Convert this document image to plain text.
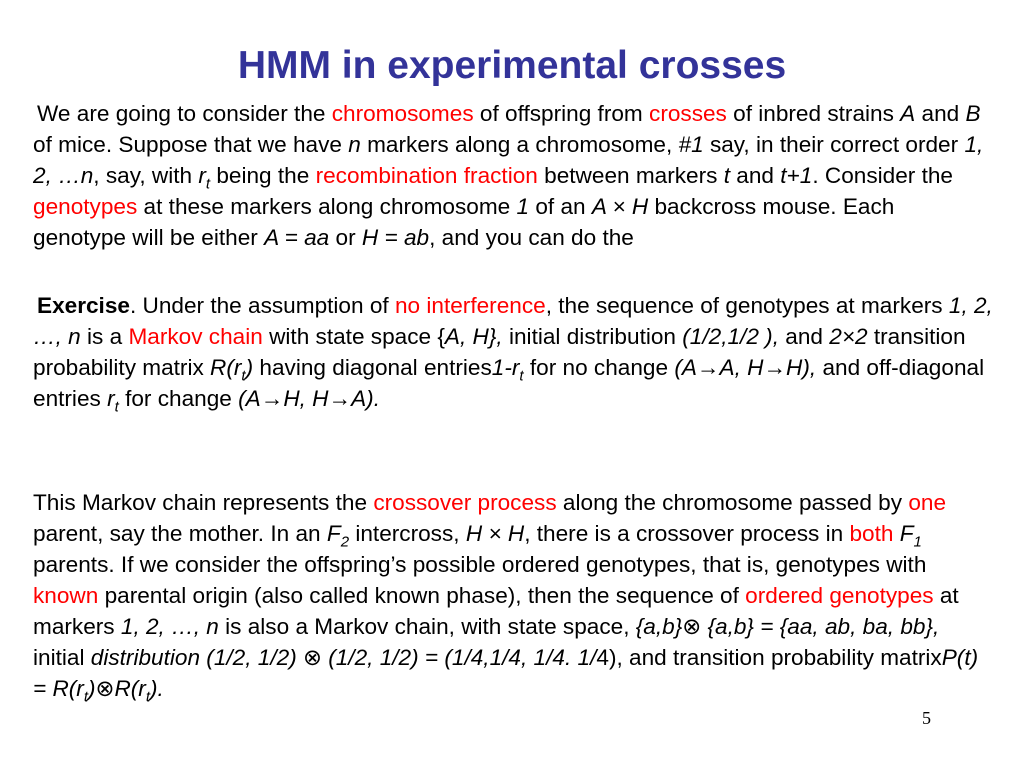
HMM in experimental crosses
We are going to consider the chromosomes of offspring from crosses of inbred strains A and B of mice. Suppose that we have n markers along a chromosome, #1 say, in their correct order 1, 2, …n, say, with $r_t$ being the recombination fraction between markers t and t+1. Consider the genotypes at these markers along chromosome 1 of an A × H backcross mouse. Each genotype will be either A = aa or H = ab, and you can do the
Exercise. Under the assumption of no interference, the sequence of genotypes at markers 1, 2, …, n is a Markov chain with state space {A, H}, initial distribution (1/2,1/2 ), and 2×2 transition probability matrix $R(r_t)$ having diagonal $entries1-r_t$ for no change (A→A, H→H), and off-diagonal entries $r_t$ for change (A→H, H→A).
This Markov chain represents the crossover process along the chromosome passed by one parent, say the mother. In an $F_2$ intercross, H × H, there is a crossover process in both $F_1$ parents. If we consider the offspring’s possible ordered genotypes, that is, genotypes with known parental origin (also called known phase), then the sequence of ordered genotypes at markers 1, 2, …, n is also a Markov chain, with state space, {a,b}⊗ {a,b} = {aa, ab, ba, bb}, initial distribution (1/2, 1/2) ⊗ (1/2, 1/2) = (1/4,1/4, 1/4. 1/4), and transition probability matrixP(t) = $R(r_t)\otimes R(r_t)$.
5
